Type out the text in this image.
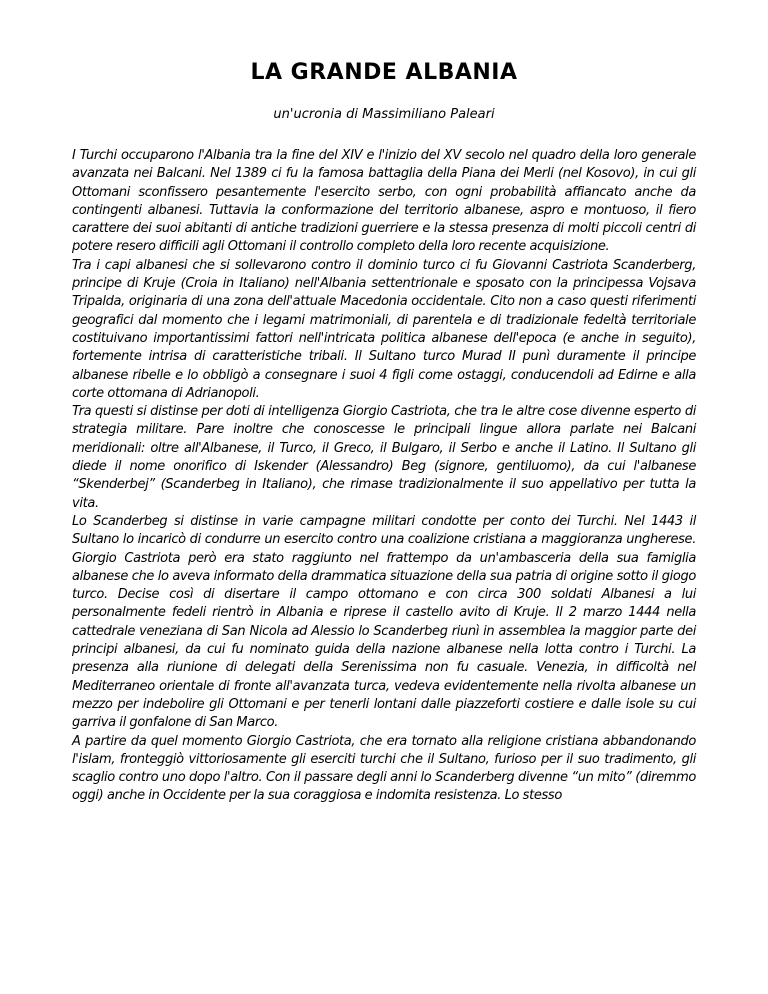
LA GRANDE ALBANIA

un'ucronia di Massimiliano Paleari

I Turchi occuparono l'Albania tra la fine del XIV e l'inizio del XV secolo nel quadro della loro generale avanzata nei Balcani. Nel 1389 ci fu la famosa battaglia della Piana dei Merli (nel Kosovo), in cui gli Ottomani sconfissero pesantemente l'esercito serbo, con ogni probabilità affiancato anche da contingenti albanesi. Tuttavia la conformazione del territorio albanese, aspro e montuoso, il fiero carattere dei suoi abitanti di antiche tradizioni guerriere e la stessa presenza di molti piccoli centri di potere resero difficili agli Ottomani il controllo completo della loro recente acquisizione.

Tra i capi albanesi che si sollevarono contro il dominio turco ci fu Giovanni Castriota Scanderberg, principe di Kruje (Croia in Italiano) nell'Albania settentrionale e sposato con la principessa Vojsava Tripalda, originaria di una zona dell'attuale Macedonia occidentale. Cito non a caso questi riferimenti geografici dal momento che i legami matrimoniali, di parentela e di tradizionale fedeltà territoriale costituivano importantissimi fattori nell'intricata politica albanese dell'epoca (e anche in seguito), fortemente intrisa di caratteristiche tribali. Il Sultano turco Murad II punì duramente il principe albanese ribelle e lo obbligò a consegnare i suoi 4 figli come ostaggi, conducendoli ad Edirne e alla corte ottomana di Adrianopoli.

Tra questi si distinse per doti di intelligenza Giorgio Castriota, che tra le altre cose divenne esperto di strategia militare. Pare inoltre che conoscesse le principali lingue allora parlate nei Balcani meridionali: oltre all'Albanese, il Turco, il Greco, il Bulgaro, il Serbo e anche il Latino. Il Sultano gli diede il nome onorifico di Iskender (Alessandro) Beg (signore, gentiluomo), da cui l'albanese “Skenderbej” (Scanderbeg in Italiano), che rimase tradizionalmente il suo appellativo per tutta la vita.

Lo Scanderbeg si distinse in varie campagne militari condotte per conto dei Turchi. Nel 1443 il Sultano lo incaricò di condurre un esercito contro una coalizione cristiana a maggioranza ungherese. Giorgio Castriota però era stato raggiunto nel frattempo da un'ambasceria della sua famiglia albanese che lo aveva informato della drammatica situazione della sua patria di origine sotto il giogo turco. Decise così di disertare il campo ottomano e con circa 300 soldati Albanesi a lui personalmente fedeli rientrò in Albania e riprese il castello avito di Kruje. Il 2 marzo 1444 nella cattedrale veneziana di San Nicola ad Alessio lo Scanderbeg riunì in assemblea la maggior parte dei principi albanesi, da cui fu nominato guida della nazione albanese nella lotta contro i Turchi. La presenza alla riunione di delegati della Serenissima non fu casuale. Venezia, in difficoltà nel Mediterraneo orientale di fronte all'avanzata turca, vedeva evidentemente nella rivolta albanese un mezzo per indebolire gli Ottomani e per tenerli lontani dalle piazzeforti costiere e dalle isole su cui garriva il gonfalone di San Marco.

A partire da quel momento Giorgio Castriota, che era tornato alla religione cristiana abbandonando l'islam, fronteggiò vittoriosamente gli eserciti turchi che il Sultano, furioso per il suo tradimento, gli scaglio contro uno dopo l'altro. Con il passare degli anni lo Scanderberg divenne “un mito” (diremmo oggi) anche in Occidente per la sua coraggiosa e indomita resistenza. Lo stesso
